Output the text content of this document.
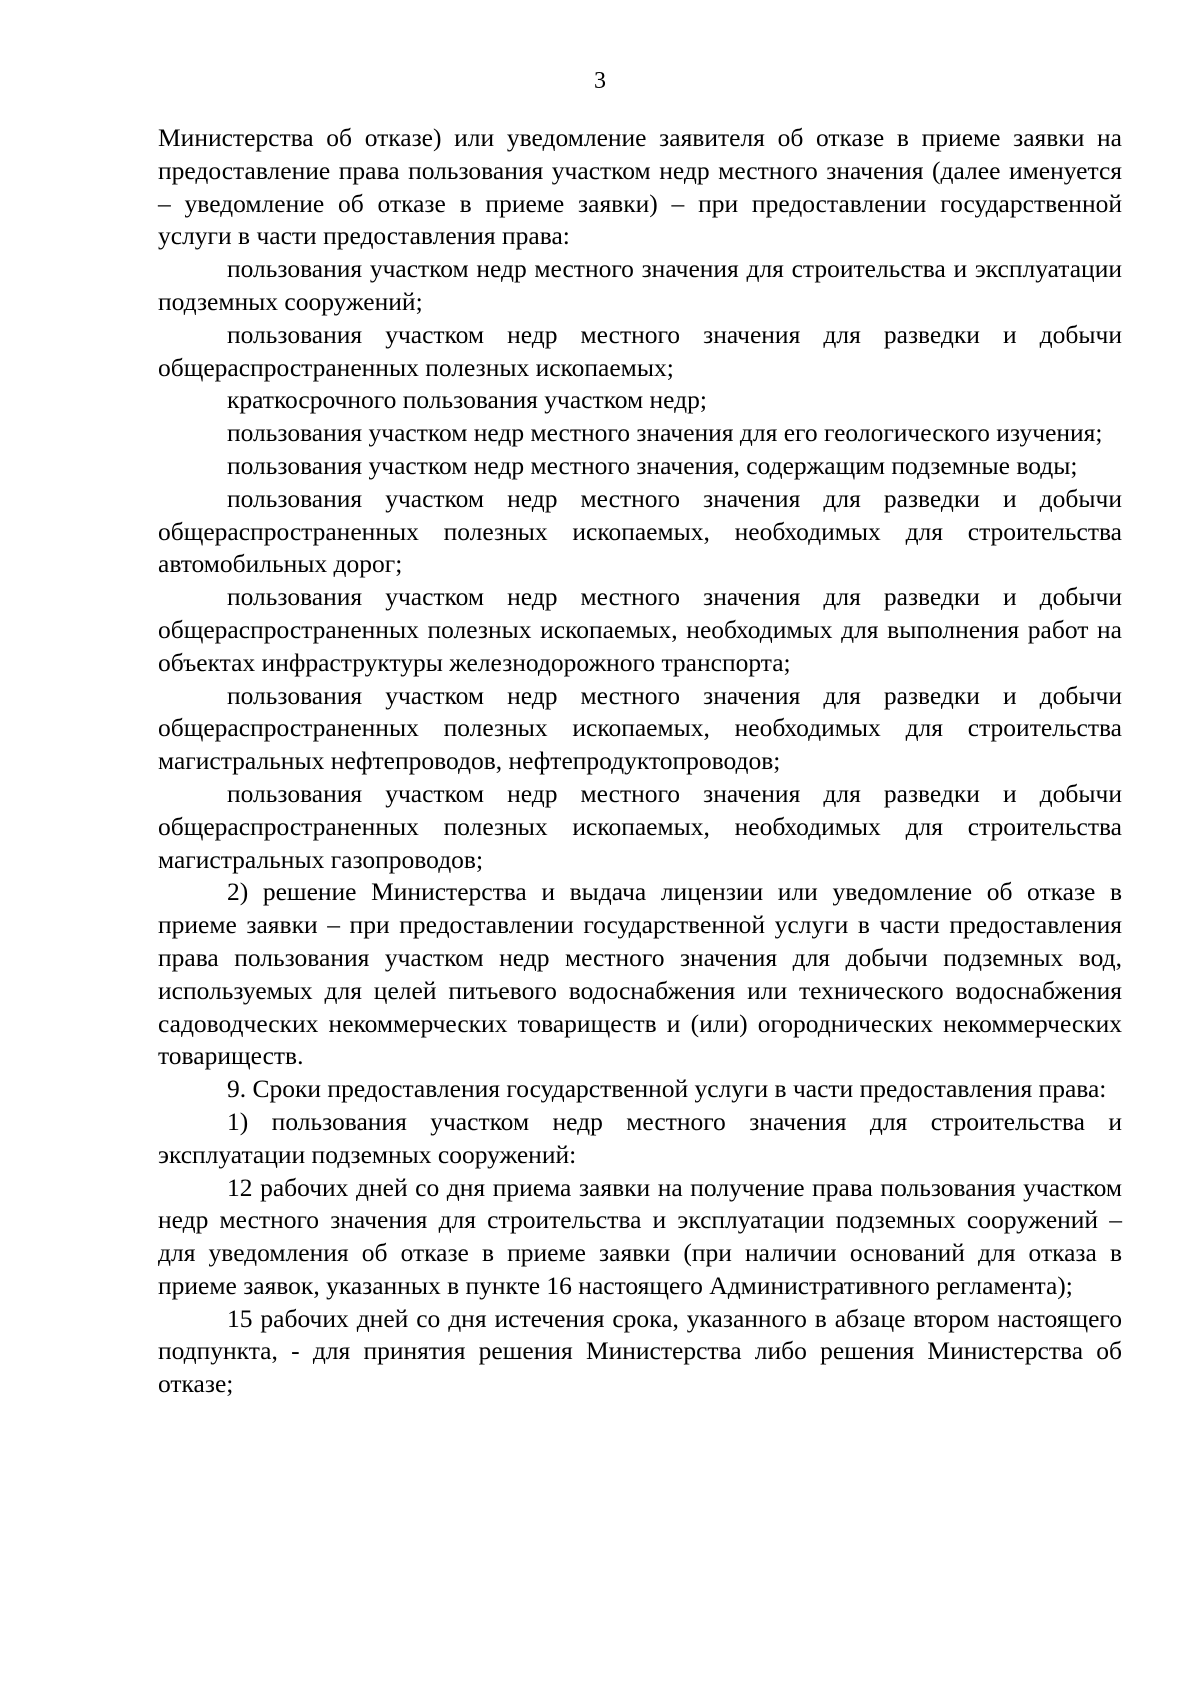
3

Министерства об отказе) или уведомление заявителя об отказе в приеме заявки на предоставление права пользования участком недр местного значения (далее именуется – уведомление об отказе в приеме заявки) – при предоставлении государственной услуги в части предоставления права:

пользования участком недр местного значения для строительства и эксплуатации подземных сооружений;

пользования участком недр местного значения для разведки и добычи общераспространенных полезных ископаемых;

краткосрочного пользования участком недр;

пользования участком недр местного значения для его геологического изучения;

пользования участком недр местного значения, содержащим подземные воды;

пользования участком недр местного значения для разведки и добычи общераспространенных полезных ископаемых, необходимых для строительства автомобильных дорог;

пользования участком недр местного значения для разведки и добычи общераспространенных полезных ископаемых, необходимых для выполнения работ на объектах инфраструктуры железнодорожного транспорта;

пользования участком недр местного значения для разведки и добычи общераспространенных полезных ископаемых, необходимых для строительства магистральных нефтепроводов, нефтепродуктопроводов;

пользования участком недр местного значения для разведки и добычи общераспространенных полезных ископаемых, необходимых для строительства магистральных газопроводов;

2) решение Министерства и выдача лицензии или уведомление об отказе в приеме заявки – при предоставлении государственной услуги в части предоставления права пользования участком недр местного значения для добычи подземных вод, используемых для целей питьевого водоснабжения или технического водоснабжения садоводческих некоммерческих товариществ и (или) огороднических некоммерческих товариществ.

9. Сроки предоставления государственной услуги в части предоставления права:

1) пользования участком недр местного значения для строительства и эксплуатации подземных сооружений:

12 рабочих дней со дня приема заявки на получение права пользования участком недр местного значения для строительства и эксплуатации подземных сооружений – для уведомления об отказе в приеме заявки (при наличии оснований для отказа в приеме заявок, указанных в пункте 16 настоящего Административного регламента);

15 рабочих дней со дня истечения срока, указанного в абзаце втором настоящего подпункта, - для принятия решения Министерства либо решения Министерства об отказе;
